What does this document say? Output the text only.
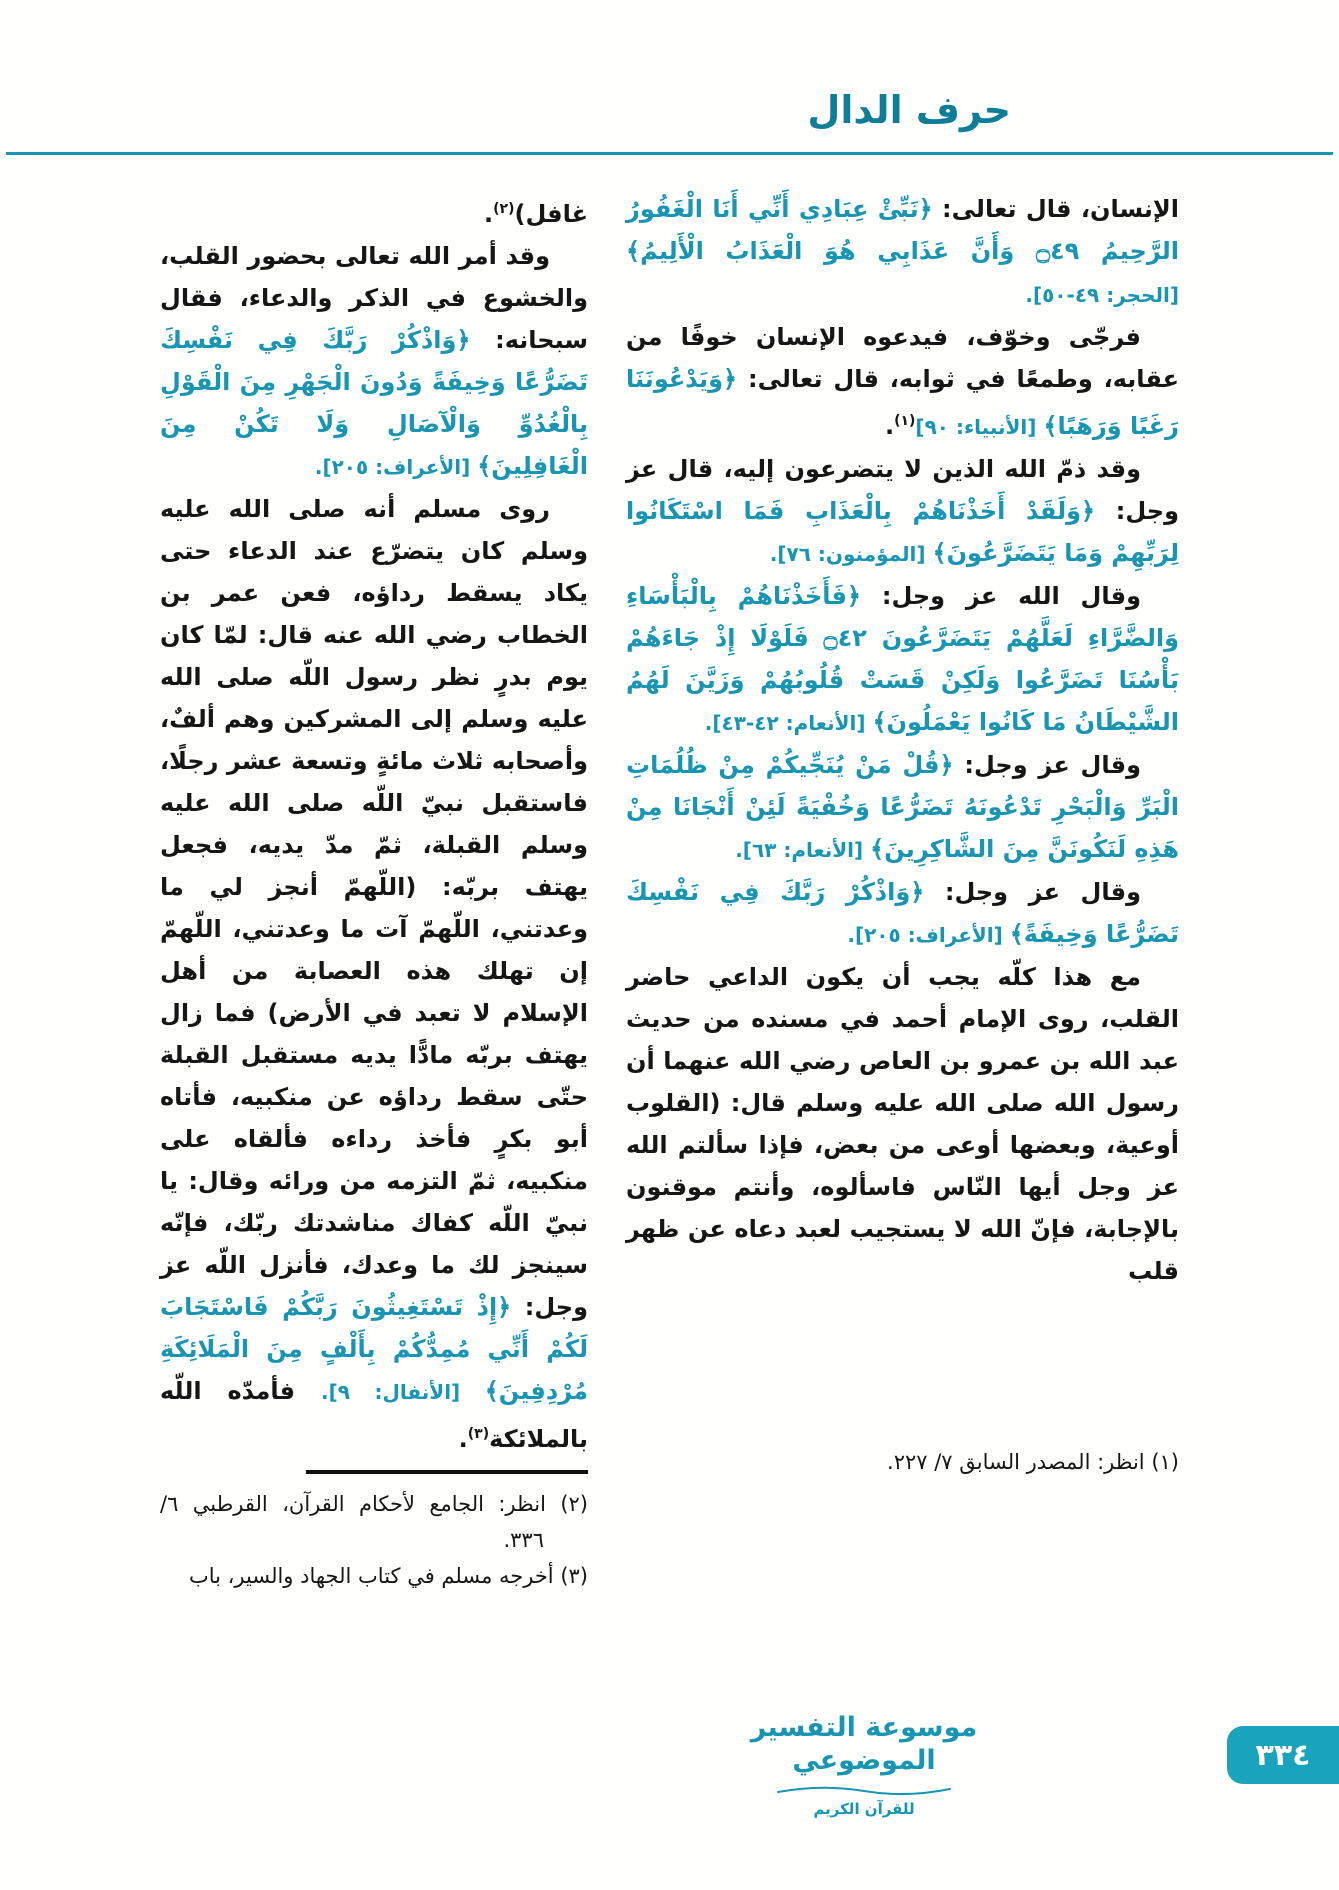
حرف الدال

الإنسان، قال تعالى: ﴿نَبِّئْ عِبَادِي أَنِّي أَنَا الْغَفُورُ الرَّحِيمُ ۝٤٩ وَأَنَّ عَذَابِي هُوَ الْعَذَابُ الْأَلِيمُ﴾ [الحجر: ٤٩-٥٠].

فرجّى وخوّف، فيدعوه الإنسان خوفًا من عقابه، وطمعًا في ثوابه، قال تعالى: ﴿وَيَدْعُونَنَا رَغَبًا وَرَهَبًا﴾ [الأنبياء: ٩٠]$^{(١)}$.

وقد ذمّ الله الذين لا يتضرعون إليه، قال عز وجل: ﴿وَلَقَدْ أَخَذْنَاهُمْ بِالْعَذَابِ فَمَا اسْتَكَانُوا لِرَبِّهِمْ وَمَا يَتَضَرَّعُونَ﴾ [المؤمنون: ٧٦].

وقال الله عز وجل: ﴿فَأَخَذْنَاهُمْ بِالْبَأْسَاءِ وَالضَّرَّاءِ لَعَلَّهُمْ يَتَضَرَّعُونَ ۝٤٢ فَلَوْلَا إِذْ جَاءَهُمْ بَأْسُنَا تَضَرَّعُوا وَلَكِنْ قَسَتْ قُلُوبُهُمْ وَزَيَّنَ لَهُمُ الشَّيْطَانُ مَا كَانُوا يَعْمَلُونَ﴾ [الأنعام: ٤٢-٤٣].

وقال عز وجل: ﴿قُلْ مَنْ يُنَجِّيكُمْ مِنْ ظُلُمَاتِ الْبَرِّ وَالْبَحْرِ تَدْعُونَهُ تَضَرُّعًا وَخُفْيَةً لَئِنْ أَنْجَانَا مِنْ هَذِهِ لَنَكُونَنَّ مِنَ الشَّاكِرِينَ﴾ [الأنعام: ٦٣].

وقال عز وجل: ﴿وَاذْكُرْ رَبَّكَ فِي نَفْسِكَ تَضَرُّعًا وَخِيفَةً﴾ [الأعراف: ٢٠٥].

مع هذا كلّه يجب أن يكون الداعي حاضر القلب، روى الإمام أحمد في مسنده من حديث عبد الله بن عمرو بن العاص رضي الله عنهما أن رسول الله صلى الله عليه وسلم قال: (القلوب أوعية، وبعضها أوعى من بعض، فإذا سألتم الله عز وجل أيها النّاس فاسألوه، وأنتم موقنون بالإجابة، فإنّ الله لا يستجيب لعبد دعاه عن ظهر قلب

(١) انظر: المصدر السابق ٧/ ٢٢٧.

غافل)$^{(٢)}$.

وقد أمر الله تعالى بحضور القلب، والخشوع في الذكر والدعاء، فقال سبحانه: ﴿وَاذْكُرْ رَبَّكَ فِي نَفْسِكَ تَضَرُّعًا وَخِيفَةً وَدُونَ الْجَهْرِ مِنَ الْقَوْلِ بِالْغُدُوِّ وَالْآصَالِ وَلَا تَكُنْ مِنَ الْغَافِلِينَ﴾ [الأعراف: ٢٠٥].

روى مسلم أنه صلى الله عليه وسلم كان يتضرّع عند الدعاء حتى يكاد يسقط رداؤه، فعن عمر بن الخطاب رضي الله عنه قال: لمّا كان يوم بدرٍ نظر رسول اللّه صلى الله عليه وسلم إلى المشركين وهم ألفٌ، وأصحابه ثلاث مائةٍ وتسعة عشر رجلًا، فاستقبل نبيّ اللّه صلى الله عليه وسلم القبلة، ثمّ مدّ يديه، فجعل يهتف بربّه: (اللّهمّ أنجز لي ما وعدتني، اللّهمّ آت ما وعدتني، اللّهمّ إن تهلك هذه العصابة من أهل الإسلام لا تعبد في الأرض) فما زال يهتف بربّه مادًّا يديه مستقبل القبلة حتّى سقط رداؤه عن منكبيه، فأتاه أبو بكرٍ فأخذ رداءه فألقاه على منكبيه، ثمّ التزمه من ورائه وقال: يا نبيّ اللّه كفاك مناشدتك ربّك، فإنّه سينجز لك ما وعدك، فأنزل اللّه عز وجل: ﴿إِذْ تَسْتَغِيثُونَ رَبَّكُمْ فَاسْتَجَابَ لَكُمْ أَنِّي مُمِدُّكُمْ بِأَلْفٍ مِنَ الْمَلَائِكَةِ مُرْدِفِينَ﴾ [الأنفال: ٩]. فأمدّه اللّه بالملائكة$^{(٣)}$.

(٢) انظر: الجامع لأحكام القرآن، القرطبي ٦/ ٣٣٦.

(٣) أخرجه مسلم في كتاب الجهاد والسير، باب

موسوعة التفسير الموضوعي
للقرآن الكريم
٣٣٤
